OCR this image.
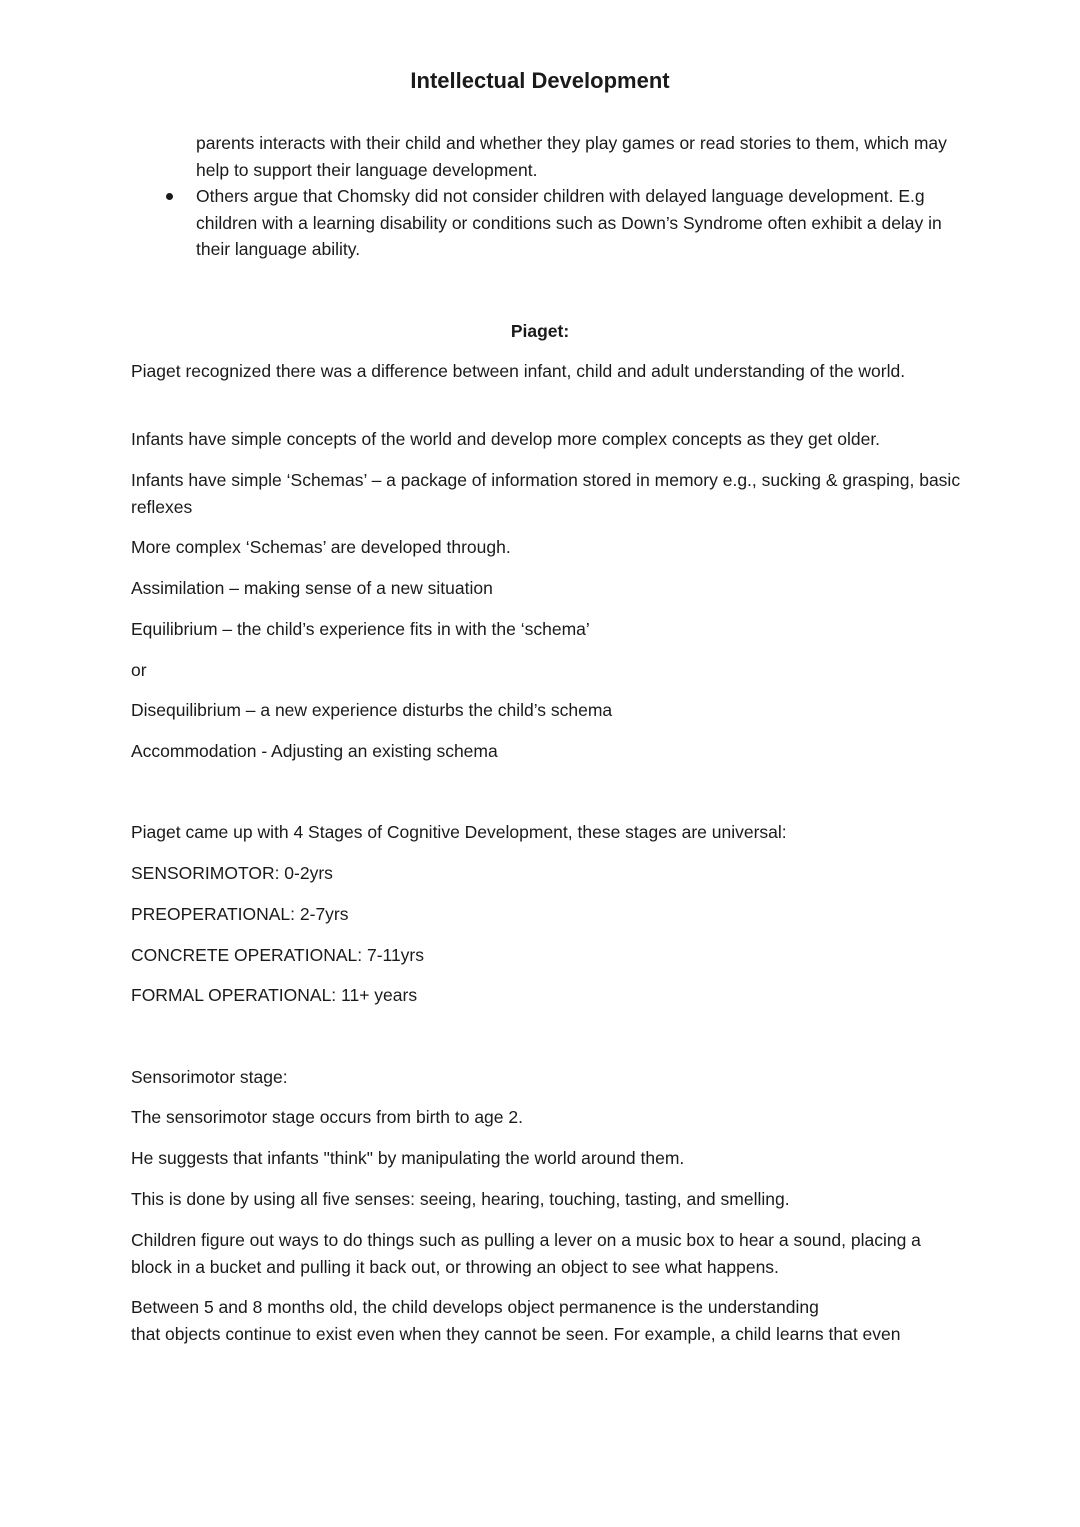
Intellectual Development

parents interacts with their child and whether they play games or read stories to them, which may help to support their language development.

Others argue that Chomsky did not consider children with delayed language development. E.g children with a learning disability or conditions such as Down’s Syndrome often exhibit a delay in their language ability.
Piaget:

Piaget recognized there was a difference between infant, child and adult understanding of the world.

Infants have simple concepts of the world and develop more complex concepts as they get older.

Infants have simple ‘Schemas’ – a package of information stored in memory e.g., sucking & grasping, basic reflexes

More complex ‘Schemas’ are developed through.

Assimilation – making sense of a new situation

Equilibrium – the child’s experience fits in with the ‘schema’

or

Disequilibrium – a new experience disturbs the child’s schema

Accommodation - Adjusting an existing schema

Piaget came up with 4 Stages of Cognitive Development, these stages are universal:

SENSORIMOTOR: 0-2yrs

PREOPERATIONAL: 2-7yrs

CONCRETE OPERATIONAL: 7-11yrs

FORMAL OPERATIONAL: 11+ years

Sensorimotor stage:

The sensorimotor stage occurs from birth to age 2.

He suggests that infants "think" by manipulating the world around them.

This is done by using all five senses: seeing, hearing, touching, tasting, and smelling.

Children figure out ways to do things such as pulling a lever on a music box to hear a sound, placing a block in a bucket and pulling it back out, or throwing an object to see what happens.

Between 5 and 8 months old, the child develops object permanence is the understanding

that objects continue to exist even when they cannot be seen. For example, a child learns that even
